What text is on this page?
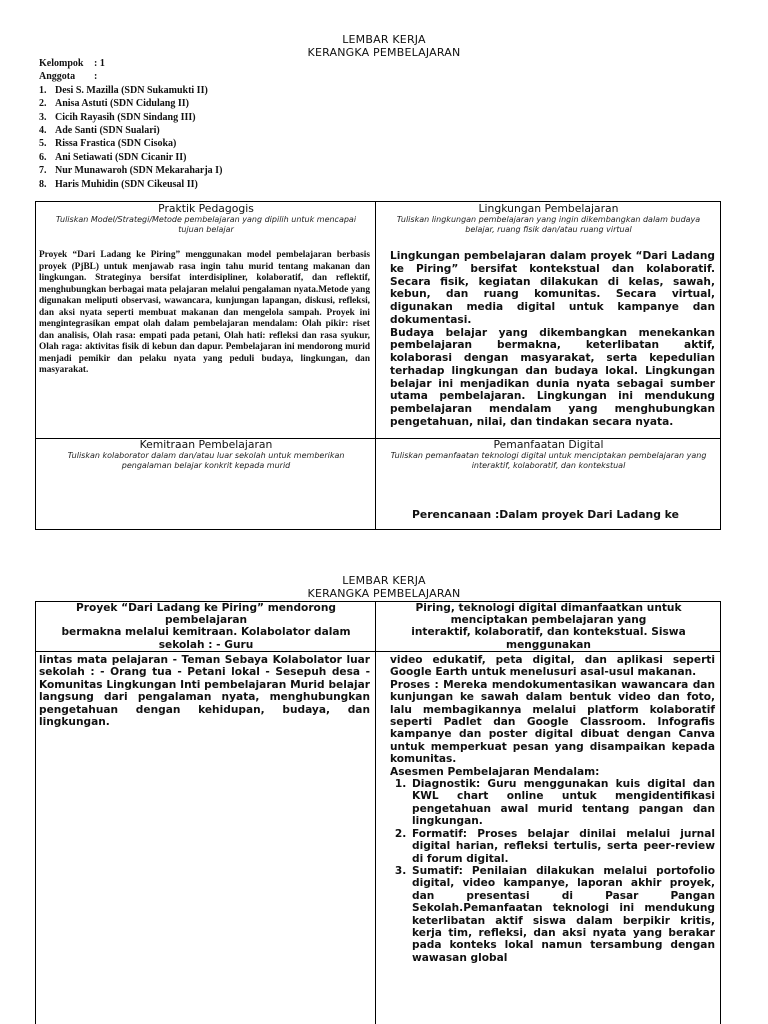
LEMBAR KERJA
KERANGKA PEMBELAJARAN
Kelompok	: 1
Anggota	:
1. Desi S. Mazilla (SDN Sukamukti II)
2. Anisa Astuti (SDN Cidulang II)
3. Cicih Rayasih (SDN Sindang III)
4. Ade Santi (SDN Sualari)
5. Rissa Frastica (SDN Cisoka)
6. Ani Setiawati (SDN Cicanir II)
7. Nur Munawaroh (SDN Mekaraharja I)
8. Haris Muhidin (SDN Cikeusal II)
Praktik Pedagogis
Tuliskan Model/Strategi/Metode pembelajaran yang dipilih untuk mencapai tujuan belajar
Proyek “Dari Ladang ke Piring” menggunakan model pembelajaran berbasis proyek (PjBL) untuk menjawab rasa ingin tahu murid tentang makanan dan lingkungan. Strateginya bersifat interdisipliner, kolaboratif, dan reflektif, menghubungkan berbagai mata pelajaran melalui pengalaman nyata.Metode yang digunakan meliputi observasi, wawancara, kunjungan lapangan, diskusi, refleksi, dan aksi nyata seperti membuat makanan dan mengelola sampah. Proyek ini mengintegrasikan empat olah dalam pembelajaran mendalam: Olah pikir: riset dan analisis, Olah rasa: empati pada petani, Olah hati: refleksi dan rasa syukur, Olah raga: aktivitas fisik di kebun dan dapur. Pembelajaran ini mendorong murid menjadi pemikir dan pelaku nyata yang peduli budaya, lingkungan, dan masyarakat.
Lingkungan Pembelajaran
Tuliskan lingkungan pembelajaran yang ingin dikembangkan dalam budaya belajar, ruang fisik dan/atau ruang virtual
Lingkungan pembelajaran dalam proyek “Dari Ladang ke Piring” bersifat kontekstual dan kolaboratif. Secara fisik, kegiatan dilakukan di kelas, sawah, kebun, dan ruang komunitas. Secara virtual, digunakan media digital untuk kampanye dan dokumentasi.
Budaya belajar yang dikembangkan menekankan pembelajaran bermakna, keterlibatan aktif, kolaborasi dengan masyarakat, serta kepedulian terhadap lingkungan dan budaya lokal. Lingkungan belajar ini menjadikan dunia nyata sebagai sumber utama pembelajaran. Lingkungan ini mendukung pembelajaran mendalam yang menghubungkan pengetahuan, nilai, dan tindakan secara nyata.
Kemitraan Pembelajaran
Tuliskan kolaborator dalam dan/atau luar sekolah untuk memberikan pengalaman belajar konkrit kepada murid
Pemanfaatan Digital
Tuliskan pemanfaatan teknologi digital untuk menciptakan pembelajaran yang interaktif, kolaboratif, dan kontekstual
Perencanaan :Dalam proyek Dari Ladang ke
LEMBAR KERJA
KERANGKA PEMBELAJARAN
Proyek “Dari Ladang ke Piring” mendorong
pembelajaran
bermakna melalui kemitraan. Kolabolator dalam
sekolah : - Guru
Piring, teknologi digital dimanfaatkan untuk
menciptakan pembelajaran yang
interaktif, kolaboratif, dan kontekstual. Siswa
menggunakan
lintas mata pelajaran - Teman Sebaya Kolabolator luar sekolah : - Orang tua - Petani lokal - Sesepuh desa - Komunitas Lingkungan Inti pembelajaran Murid belajar langsung dari pengalaman nyata, menghubungkan pengetahuan dengan kehidupan, budaya, dan lingkungan.
video edukatif, peta digital, dan aplikasi seperti Google Earth untuk menelusuri asal-usul makanan.
Proses : Mereka mendokumentasikan wawancara dan kunjungan ke sawah dalam bentuk video dan foto, lalu membagikannya melalui platform kolaboratif seperti Padlet dan Google Classroom. Infografis kampanye dan poster digital dibuat dengan Canva untuk memperkuat pesan yang disampaikan kepada komunitas.
Asesmen Pembelajaran Mendalam:
1. Diagnostik: Guru menggunakan kuis digital dan KWL chart online untuk mengidentifikasi pengetahuan awal murid tentang pangan dan lingkungan.
2. Formatif: Proses belajar dinilai melalui jurnal digital harian, refleksi tertulis, serta peer-review di forum digital.
3. Sumatif: Penilaian dilakukan melalui portofolio digital, video kampanye, laporan akhir proyek, dan presentasi di Pasar Pangan Sekolah.Pemanfaatan teknologi ini mendukung keterlibatan aktif siswa dalam berpikir kritis, kerja tim, refleksi, dan aksi nyata yang berakar pada konteks lokal namun tersambung dengan wawasan global
